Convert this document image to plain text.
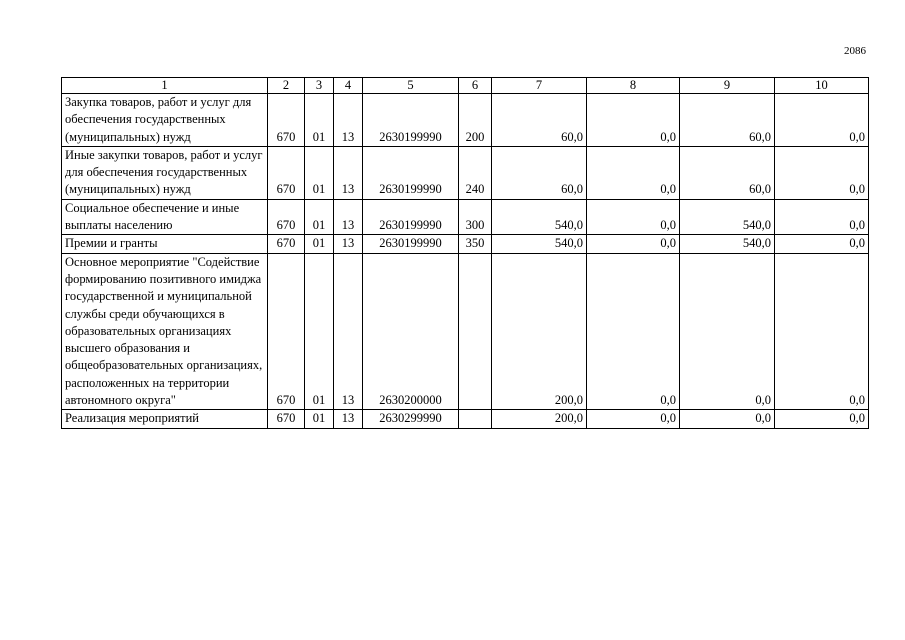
2086
1	2	3	4	5	6	7	8	9	10
Закупка товаров, работ и услуг для обеспечения государственных (муниципальных) нужд	670	01	13	2630199990	200	60,0	0,0	60,0	0,0
Иные закупки товаров, работ и услуг для обеспечения государственных (муниципальных) нужд	670	01	13	2630199990	240	60,0	0,0	60,0	0,0
Социальное обеспечение и иные выплаты населению	670	01	13	2630199990	300	540,0	0,0	540,0	0,0
Премии и гранты	670	01	13	2630199990	350	540,0	0,0	540,0	0,0
Основное мероприятие "Содействие формированию позитивного имиджа государственной и муниципальной службы среди обучающихся в образовательных организациях высшего образования и общеобразовательных организациях, расположенных на территории автономного округа"	670	01	13	2630200000		200,0	0,0	0,0	0,0
Реализация мероприятий	670	01	13	2630299990		200,0	0,0	0,0	0,0
